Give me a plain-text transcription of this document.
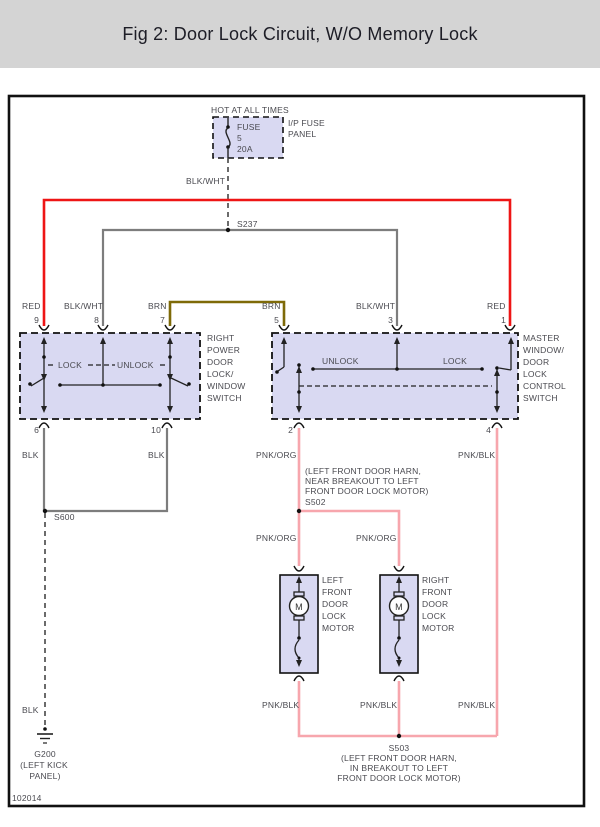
Fig 2: Door Lock Circuit, W/O Memory Lock
HOT AT ALL TIMES
FUSE
5
20A
I/P FUSE
PANEL
BLK/WHT
S237
RED	BLK/WHT	BRN	BRN	BLK/WHT	RED
9	8	7	5	3	1
LOCK	UNLOCK
RIGHT
POWER
DOOR
LOCK/
WINDOW
SWITCH
UNLOCK	LOCK
MASTER
WINDOW/
DOOR
LOCK
CONTROL
SWITCH
6	10	2	4
BLK	BLK
S600
BLK
G200
(LEFT KICK
PANEL)
PNK/ORG	PNK/BLK
PNK/ORG	PNK/ORG
PNK/BLK	PNK/BLK	PNK/BLK
(LEFT FRONT DOOR HARN,
NEAR BREAKOUT TO LEFT
FRONT DOOR LOCK MOTOR)
S502
S503
(LEFT FRONT DOOR HARN,
IN BREAKOUT TO LEFT
FRONT DOOR LOCK MOTOR)
M
LEFT
FRONT
DOOR
LOCK
MOTOR
M
RIGHT
FRONT
DOOR
LOCK
MOTOR
102014
